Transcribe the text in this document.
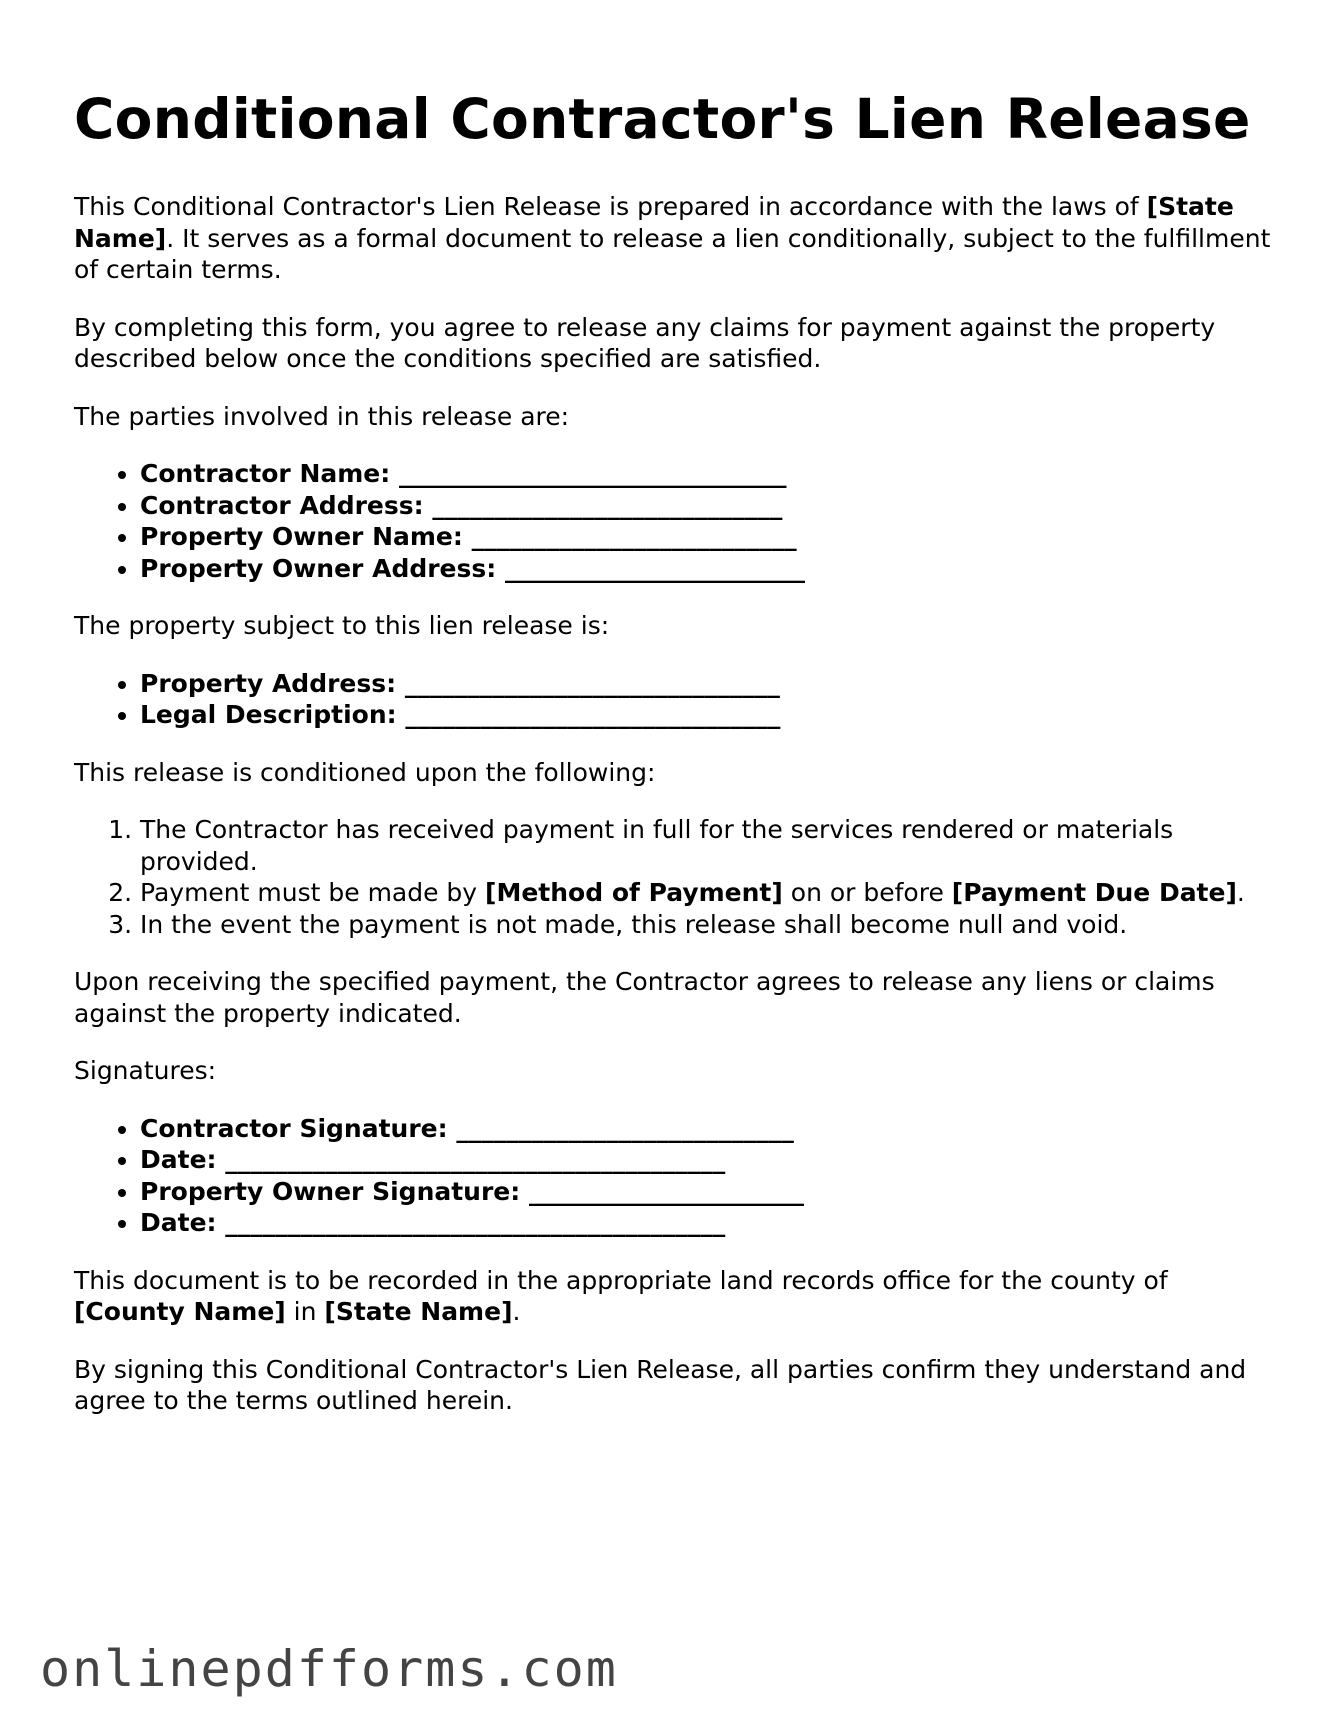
Conditional Contractor's Lien Release

This Conditional Contractor's Lien Release is prepared in accordance with the laws of [State Name]. It serves as a formal document to release a lien conditionally, subject to the fulfillment of certain terms.

By completing this form, you agree to release any claims for payment against the property described below once the conditions specified are satisfied.

The parties involved in this release are:

• Contractor Name: _______________________________
• Contractor Address: ____________________________
• Property Owner Name: __________________________
• Property Owner Address: ________________________

The property subject to this lien release is:

• Property Address: ______________________________
• Legal Description: ______________________________

This release is conditioned upon the following:

1. The Contractor has received payment in full for the services rendered or materials provided.
2. Payment must be made by [Method of Payment] on or before [Payment Due Date].
3. In the event the payment is not made, this release shall become null and void.

Upon receiving the specified payment, the Contractor agrees to release any liens or claims against the property indicated.

Signatures:

• Contractor Signature: ___________________________
• Date: ________________________________________
• Property Owner Signature: ______________________
• Date: ________________________________________

This document is to be recorded in the appropriate land records office for the county of [County Name] in [State Name].

By signing this Conditional Contractor's Lien Release, all parties confirm they understand and agree to the terms outlined herein.

onlinepdfforms.com
